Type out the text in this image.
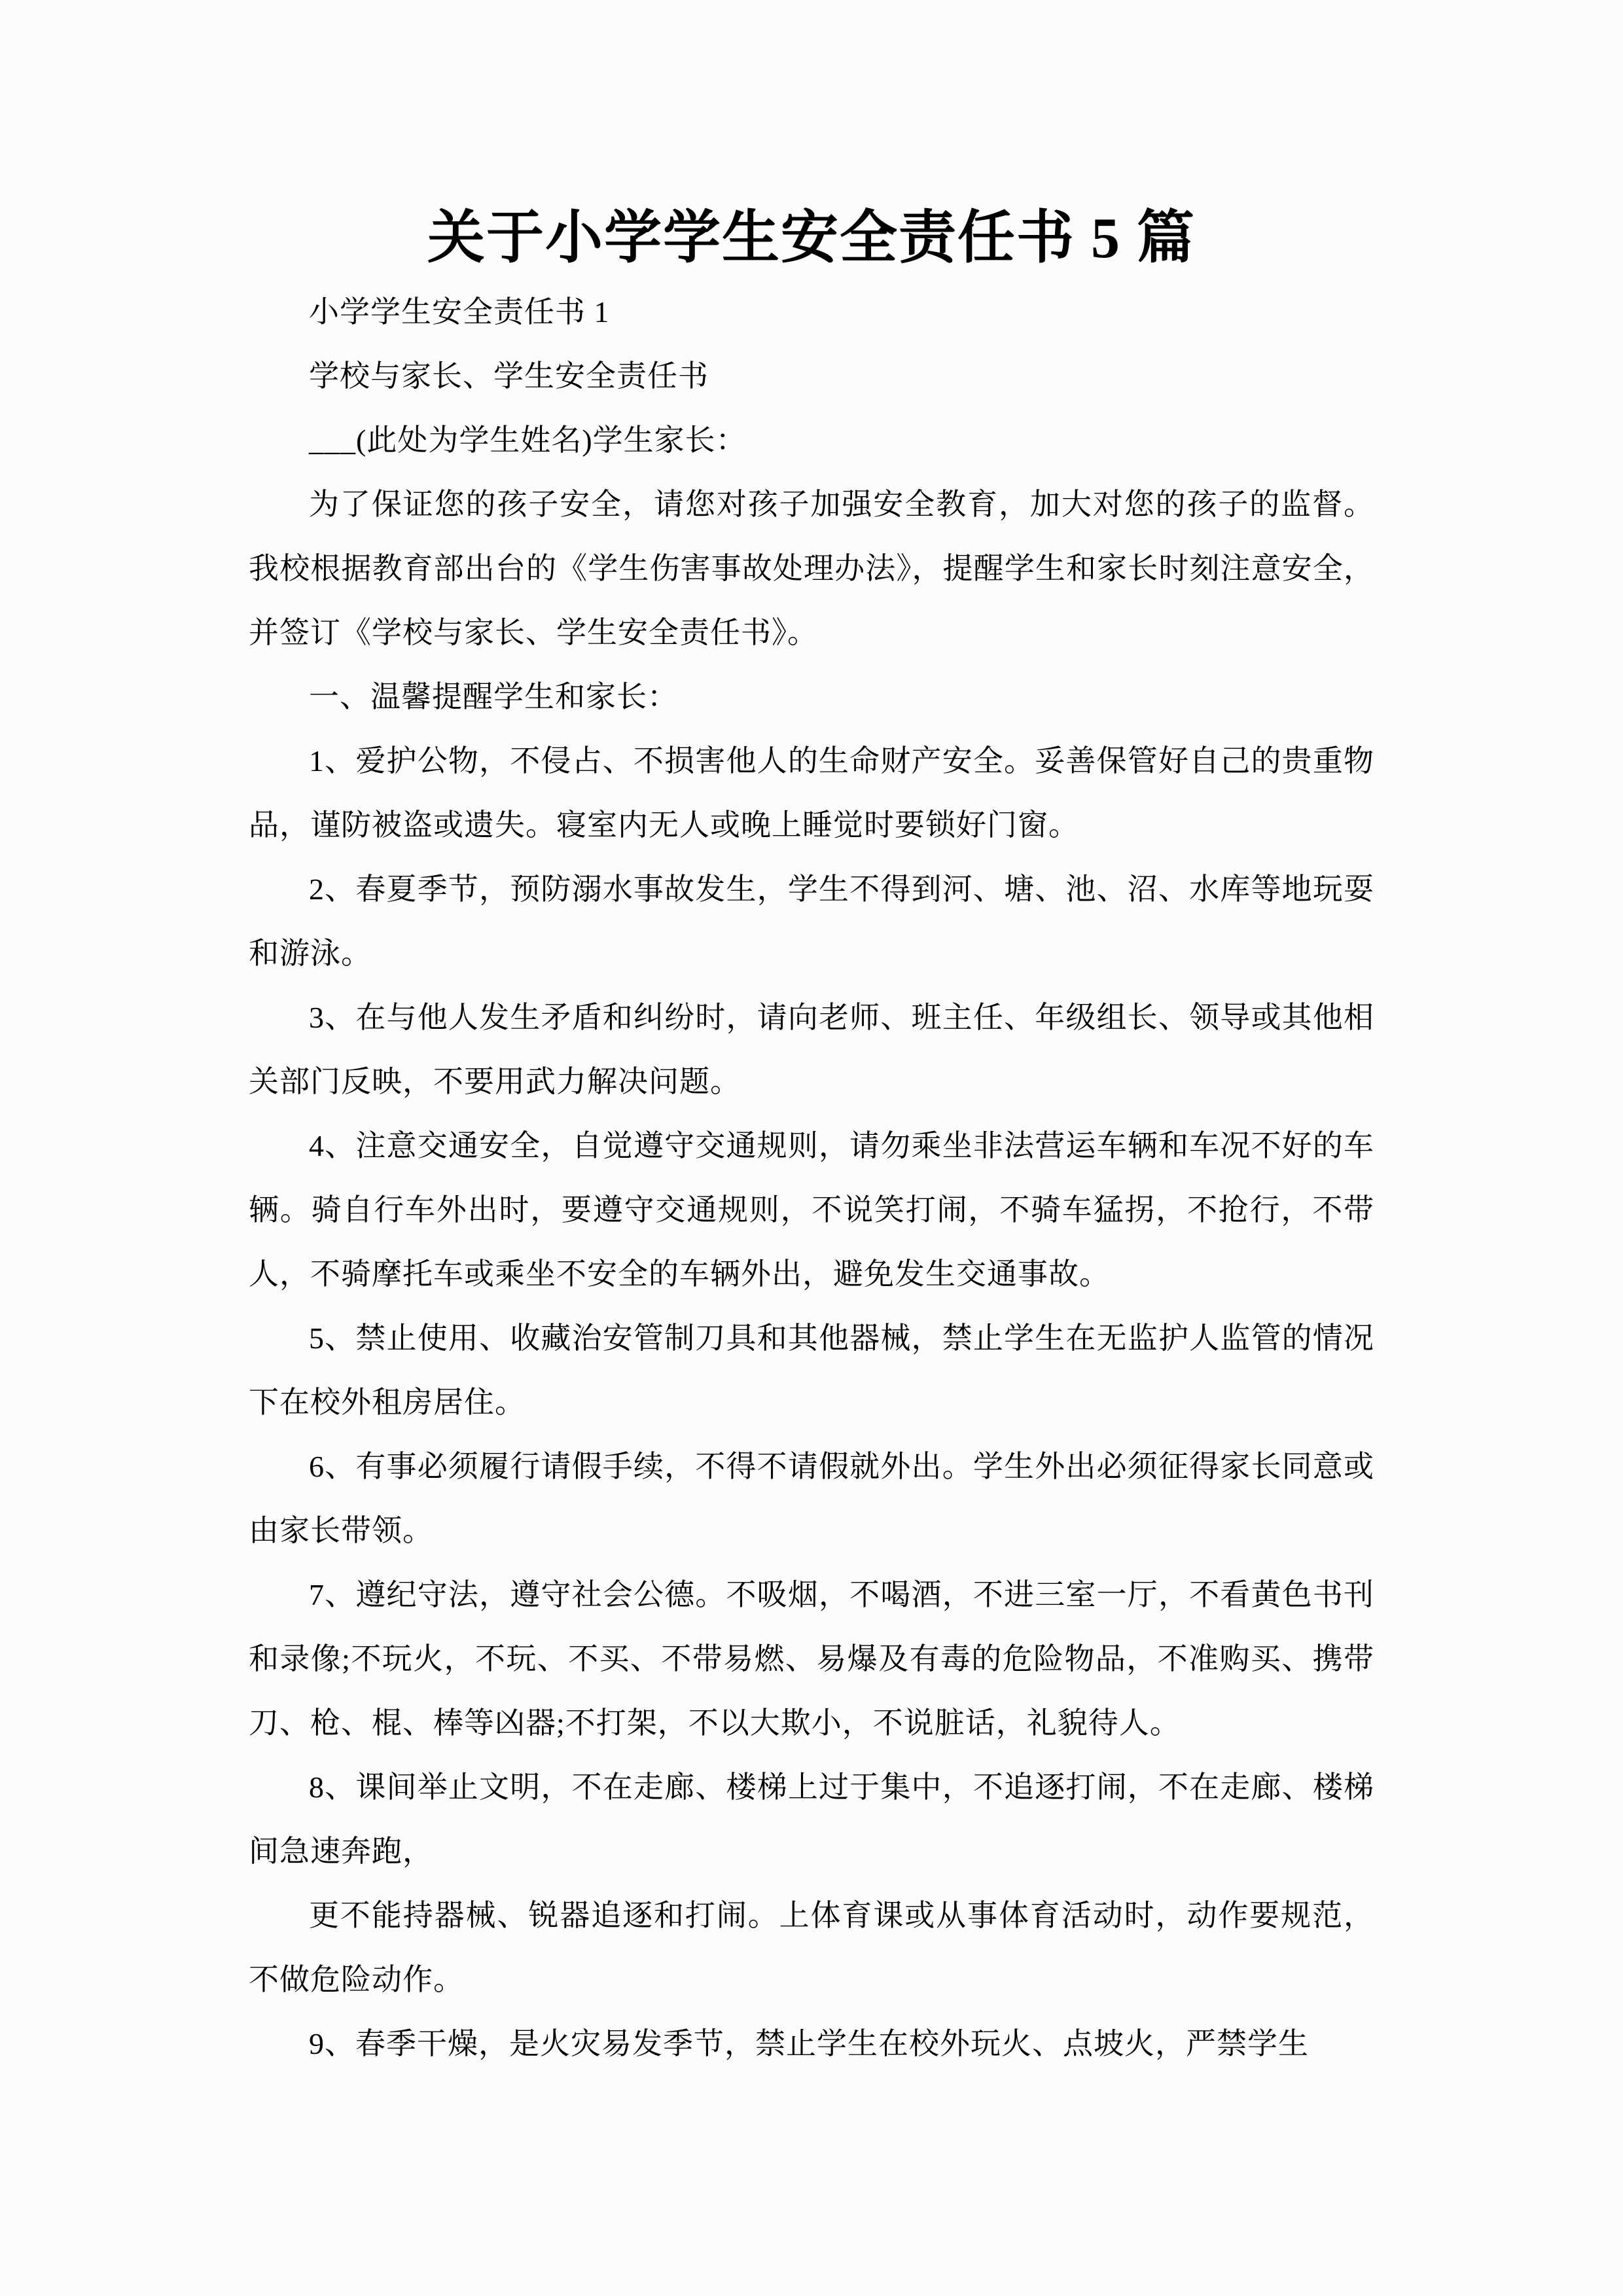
关于小学学生安全责任书 5 篇

小学学生安全责任书 1

学校与家长、学生安全责任书

___(此处为学生姓名)学生家长：

为了保证您的孩子安全，请您对孩子加强安全教育，加大对您的孩子的监督。我校根据教育部出台的《学生伤害事故处理办法》，提醒学生和家长时刻注意安全，并签订《学校与家长、学生安全责任书》。

一、温馨提醒学生和家长：

1、爱护公物，不侵占、不损害他人的生命财产安全。妥善保管好自己的贵重物品，谨防被盗或遗失。寝室内无人或晚上睡觉时要锁好门窗。

2、春夏季节，预防溺水事故发生，学生不得到河、塘、池、沼、水库等地玩耍和游泳。

3、在与他人发生矛盾和纠纷时，请向老师、班主任、年级组长、领导或其他相关部门反映，不要用武力解决问题。

4、注意交通安全，自觉遵守交通规则，请勿乘坐非法营运车辆和车况不好的车辆。骑自行车外出时，要遵守交通规则，不说笑打闹，不骑车猛拐，不抢行，不带人，不骑摩托车或乘坐不安全的车辆外出，避免发生交通事故。

5、禁止使用、收藏治安管制刀具和其他器械，禁止学生在无监护人监管的情况下在校外租房居住。

6、有事必须履行请假手续，不得不请假就外出。学生外出必须征得家长同意或由家长带领。

7、遵纪守法，遵守社会公德。不吸烟，不喝酒，不进三室一厅，不看黄色书刊和录像;不玩火，不玩、不买、不带易燃、易爆及有毒的危险物品，不准购买、携带刀、枪、棍、棒等凶器;不打架，不以大欺小，不说脏话，礼貌待人。

8、课间举止文明，不在走廊、楼梯上过于集中，不追逐打闹，不在走廊、楼梯间急速奔跑，

更不能持器械、锐器追逐和打闹。上体育课或从事体育活动时，动作要规范，不做危险动作。

9、春季干燥，是火灾易发季节，禁止学生在校外玩火、点坡火，严禁学生
